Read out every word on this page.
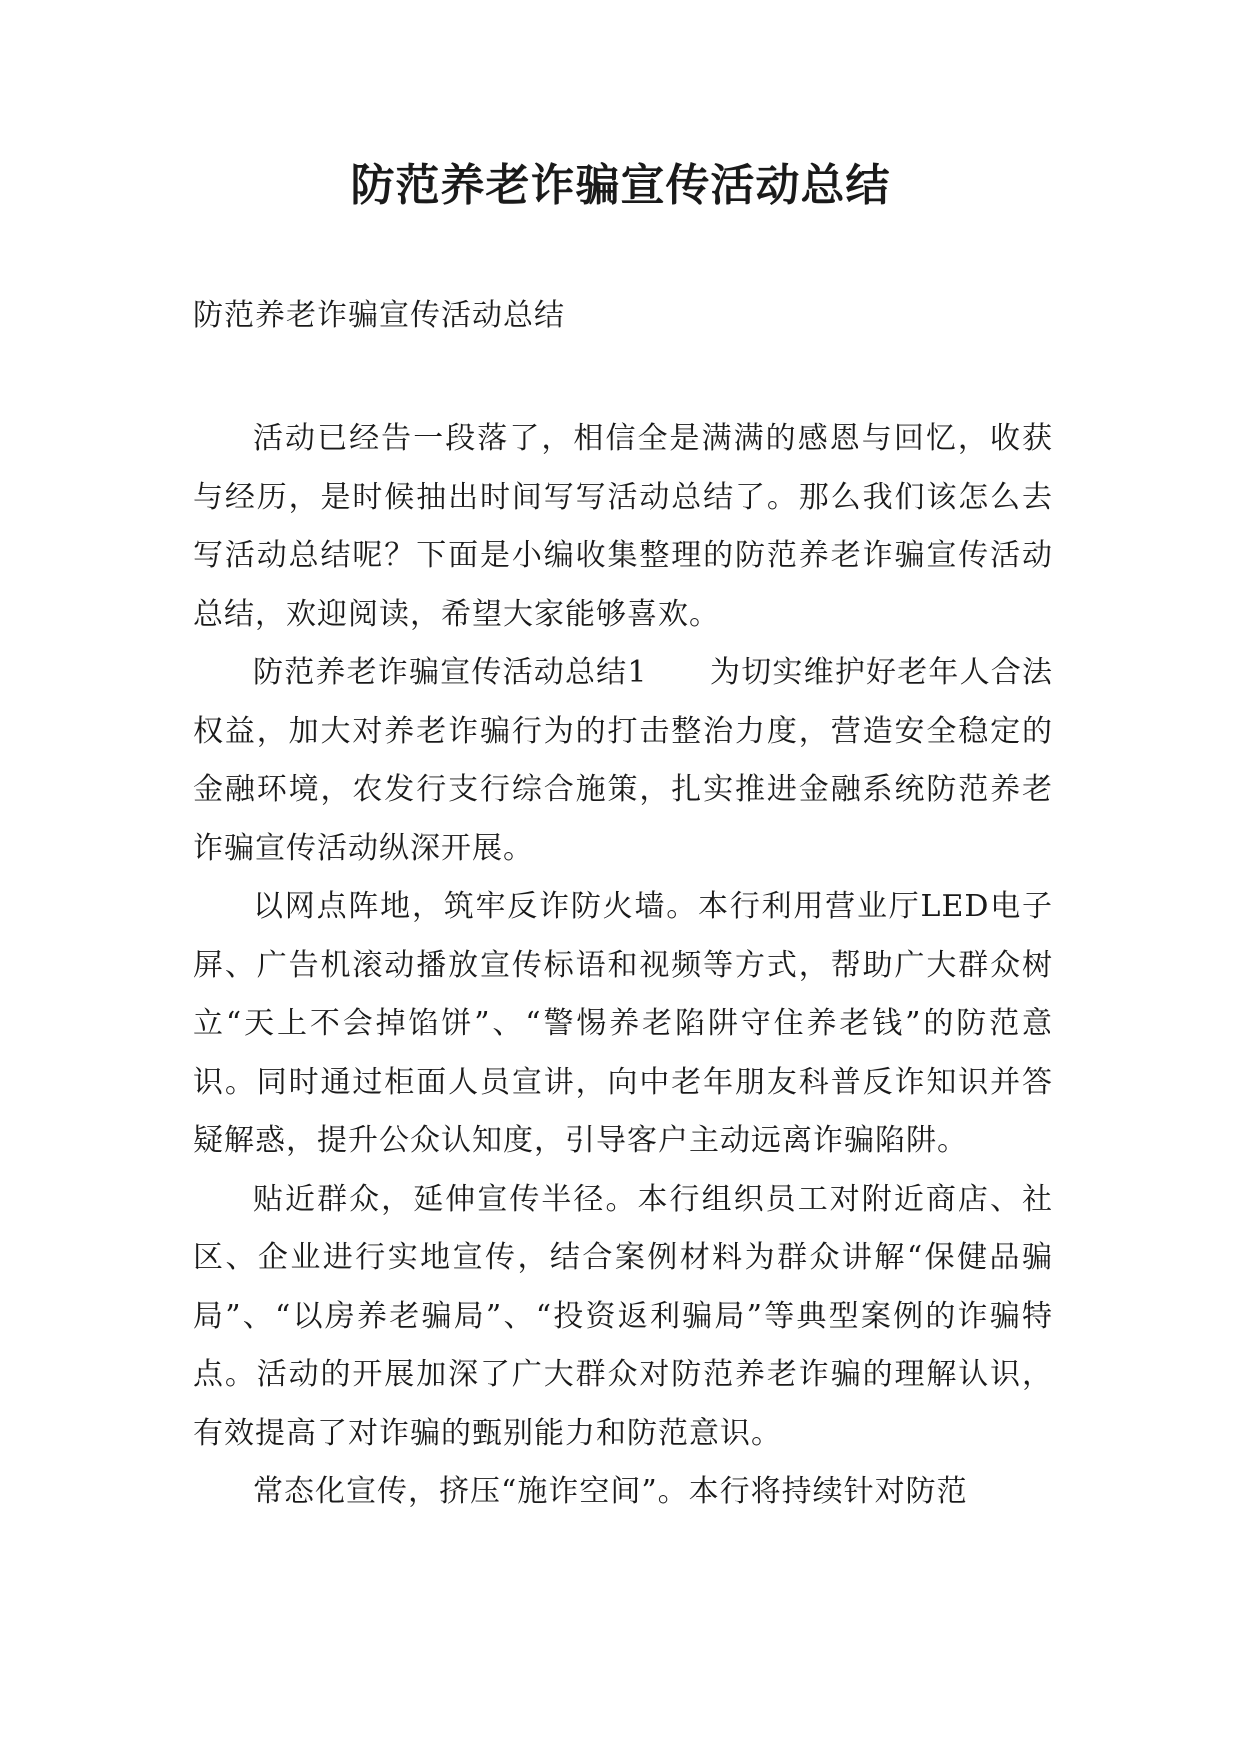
防范养老诈骗宣传活动总结

防范养老诈骗宣传活动总结

活动已经告一段落了，相信全是满满的感恩与回忆，收获与经历，是时候抽出时间写写活动总结了。那么我们该怎么去写活动总结呢？下面是小编收集整理的防范养老诈骗宣传活动总结，欢迎阅读，希望大家能够喜欢。

防范养老诈骗宣传活动总结1　　为切实维护好老年人合法权益，加大对养老诈骗行为的打击整治力度，营造安全稳定的金融环境，农发行支行综合施策，扎实推进金融系统防范养老诈骗宣传活动纵深开展。

以网点阵地，筑牢反诈防火墙。本行利用营业厅LED电子屏、广告机滚动播放宣传标语和视频等方式，帮助广大群众树立“天上不会掉馅饼”、“警惕养老陷阱守住养老钱”的防范意识。同时通过柜面人员宣讲，向中老年朋友科普反诈知识并答疑解惑，提升公众认知度，引导客户主动远离诈骗陷阱。

贴近群众，延伸宣传半径。本行组织员工对附近商店、社区、企业进行实地宣传，结合案例材料为群众讲解“保健品骗局”、“以房养老骗局”、“投资返利骗局”等典型案例的诈骗特点。活动的开展加深了广大群众对防范养老诈骗的理解认识，有效提高了对诈骗的甄别能力和防范意识。

常态化宣传，挤压“施诈空间”。本行将持续针对防范
